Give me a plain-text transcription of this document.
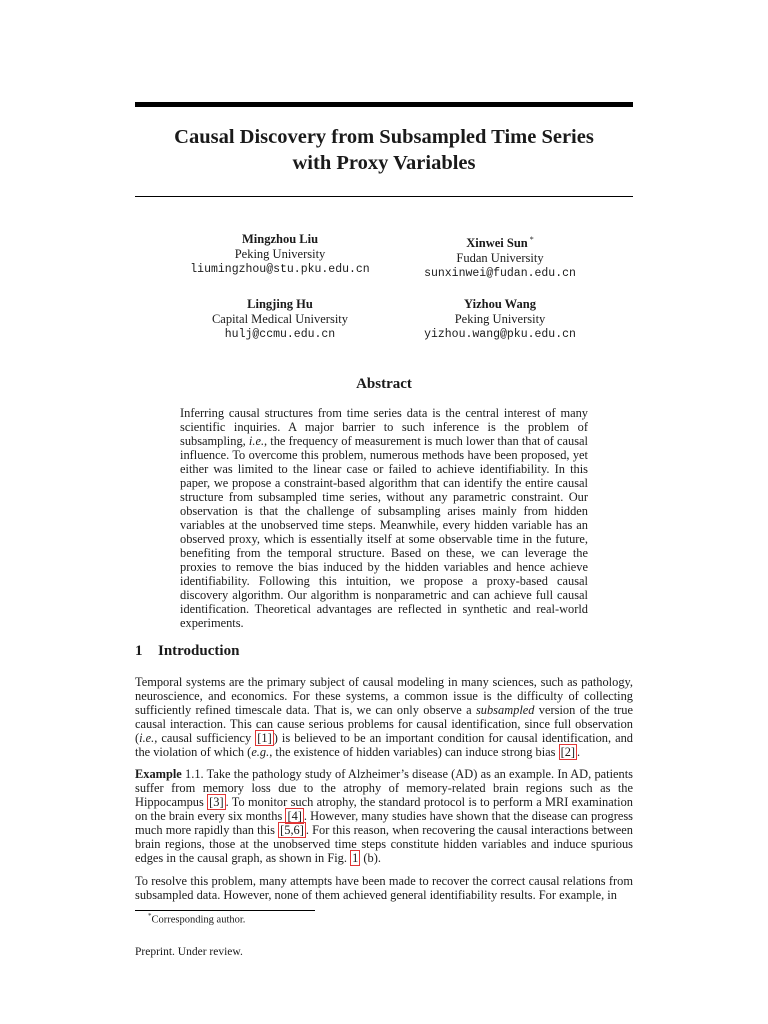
Causal Discovery from Subsampled Time Series
with Proxy Variables
Mingzhou Liu
Peking University
liumingzhou@stu.pku.edu.cn
Xinwei Sun *
Fudan University
sunxinwei@fudan.edu.cn
Lingjing Hu
Capital Medical University
hulj@ccmu.edu.cn
Yizhou Wang
Peking University
yizhou.wang@pku.edu.cn
Abstract

Inferring causal structures from time series data is the central interest of many scientific inquiries. A major barrier to such inference is the problem of subsampling, i.e., the frequency of measurement is much lower than that of causal influence. To overcome this problem, numerous methods have been proposed, yet either was limited to the linear case or failed to achieve identifiability. In this paper, we propose a constraint-based algorithm that can identify the entire causal structure from subsampled time series, without any parametric constraint. Our observation is that the challenge of subsampling arises mainly from hidden variables at the unobserved time steps. Meanwhile, every hidden variable has an observed proxy, which is essentially itself at some observable time in the future, benefiting from the temporal structure. Based on these, we can leverage the proxies to remove the bias induced by the hidden variables and hence achieve identifiability. Following this intuition, we propose a proxy-based causal discovery algorithm. Our algorithm is nonparametric and can achieve full causal identification. Theoretical advantages are reflected in synthetic and real-world experiments.

1 Introduction

Temporal systems are the primary subject of causal modeling in many sciences, such as pathology, neuroscience, and economics. For these systems, a common issue is the difficulty of collecting sufficiently refined timescale data. That is, we can only observe a subsampled version of the true causal interaction. This can cause serious problems for causal identification, since full observation (i.e., causal sufficiency [1] ) is believed to be an important condition for causal identification, and the violation of which (e.g., the existence of hidden variables) can induce strong bias [2] .

Example 1.1. Take the pathology study of Alzheimer’s disease (AD) as an example. In AD, patients suffer from memory loss due to the atrophy of memory-related brain regions such as the Hippocampus [3] . To monitor such atrophy, the standard protocol is to perform a MRI examination on the brain every six months [4] . However, many studies have shown that the disease can progress much more rapidly than this [5,6] . For this reason, when recovering the causal interactions between brain regions, those at the unobserved time steps constitute hidden variables and induce spurious edges in the causal graph, as shown in Fig. 1 (b).

To resolve this problem, many attempts have been made to recover the correct causal relations from subsampled data. However, none of them achieved general identifiability results. For example, in

*Corresponding author.

Preprint. Under review.
